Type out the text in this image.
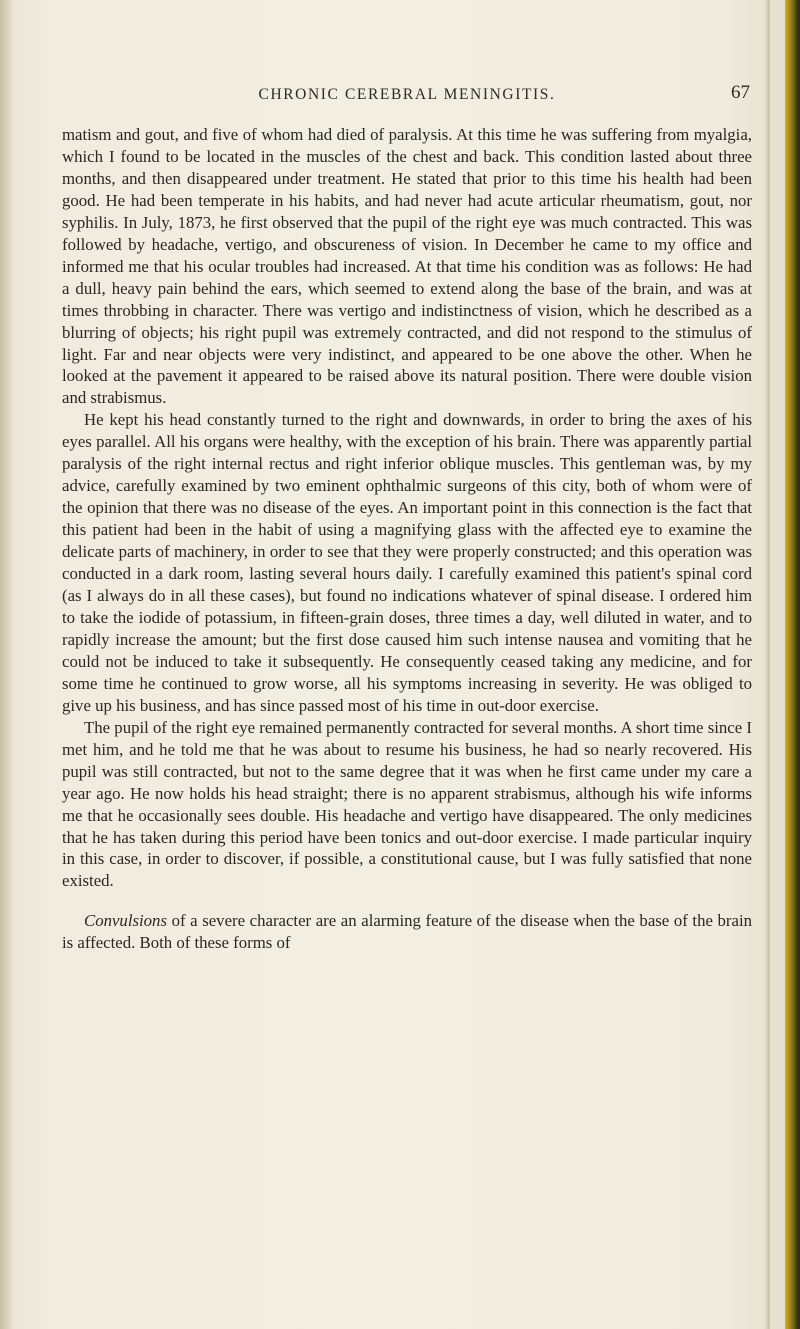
CHRONIC CEREBRAL MENINGITIS.	67

matism and gout, and five of whom had died of paralysis. At this time he was suffering from myalgia, which I found to be located in the muscles of the chest and back. This condition lasted about three months, and then disappeared under treatment. He stated that prior to this time his health had been good. He had been temperate in his habits, and had never had acute articular rheumatism, gout, nor syphilis. In July, 1873, he first observed that the pupil of the right eye was much contracted. This was followed by headache, vertigo, and obscureness of vision. In December he came to my office and informed me that his ocular troubles had increased. At that time his condition was as follows: He had a dull, heavy pain behind the ears, which seemed to extend along the base of the brain, and was at times throbbing in character. There was vertigo and indistinctness of vision, which he described as a blurring of objects; his right pupil was extremely contracted, and did not respond to the stimulus of light. Far and near objects were very indistinct, and appeared to be one above the other. When he looked at the pavement it appeared to be raised above its natural position. There were double vision and strabismus.

He kept his head constantly turned to the right and downwards, in order to bring the axes of his eyes parallel. All his organs were healthy, with the exception of his brain. There was apparently partial paralysis of the right internal rectus and right inferior oblique muscles. This gentleman was, by my advice, carefully examined by two eminent ophthalmic surgeons of this city, both of whom were of the opinion that there was no disease of the eyes. An important point in this connection is the fact that this patient had been in the habit of using a magnifying glass with the affected eye to examine the delicate parts of machinery, in order to see that they were properly constructed; and this operation was conducted in a dark room, lasting several hours daily. I carefully examined this patient's spinal cord (as I always do in all these cases), but found no indications whatever of spinal disease. I ordered him to take the iodide of potassium, in fifteen-grain doses, three times a day, well diluted in water, and to rapidly increase the amount; but the first dose caused him such intense nausea and vomiting that he could not be induced to take it subsequently. He consequently ceased taking any medicine, and for some time he continued to grow worse, all his symptoms increasing in severity. He was obliged to give up his business, and has since passed most of his time in out-door exercise.

The pupil of the right eye remained permanently contracted for several months. A short time since I met him, and he told me that he was about to resume his business, he had so nearly recovered. His pupil was still contracted, but not to the same degree that it was when he first came under my care a year ago. He now holds his head straight; there is no apparent strabismus, although his wife informs me that he occasionally sees double. His headache and vertigo have disappeared. The only medicines that he has taken during this period have been tonics and out-door exercise. I made particular inquiry in this case, in order to discover, if possible, a constitutional cause, but I was fully satisfied that none existed.

Convulsions of a severe character are an alarming feature of the disease when the base of the brain is affected. Both of these forms of
